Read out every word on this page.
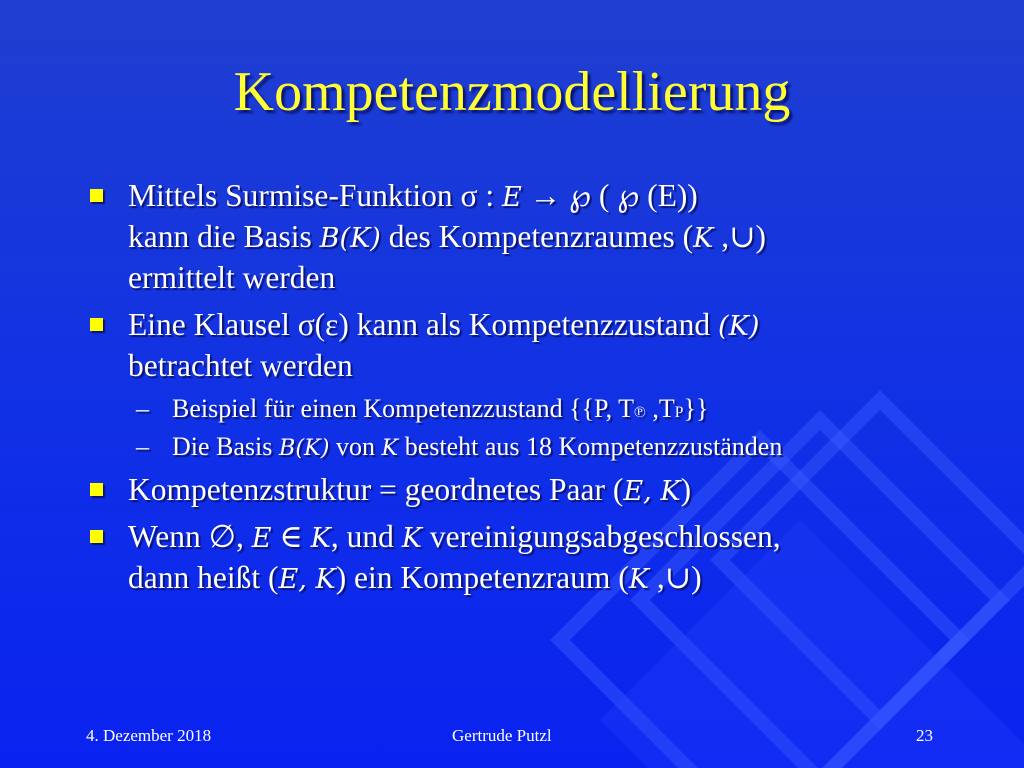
Kompetenzmodellierung
Mittels Surmise-Funktion σ : E → ℘ ( ℘ (E))
kann die Basis B(K) des Kompetenzraumes (K ,∪)
ermittelt werden
Eine Klausel σ(ε) kann als Kompetenzzustand (K)
betrachtet werden
– Beispiel für einen Kompetenzzustand {{P, T℗ ,TP}}
– Die Basis B(K) von K besteht aus 18 Kompetenzzuständen
Kompetenzstruktur = geordnetes Paar (E, K)
Wenn ∅, E ∈ K, und K vereinigungsabgeschlossen,
dann heißt (E, K) ein Kompetenzraum (K ,∪)
4. Dezember 2018	Gertrude Putzl	23
